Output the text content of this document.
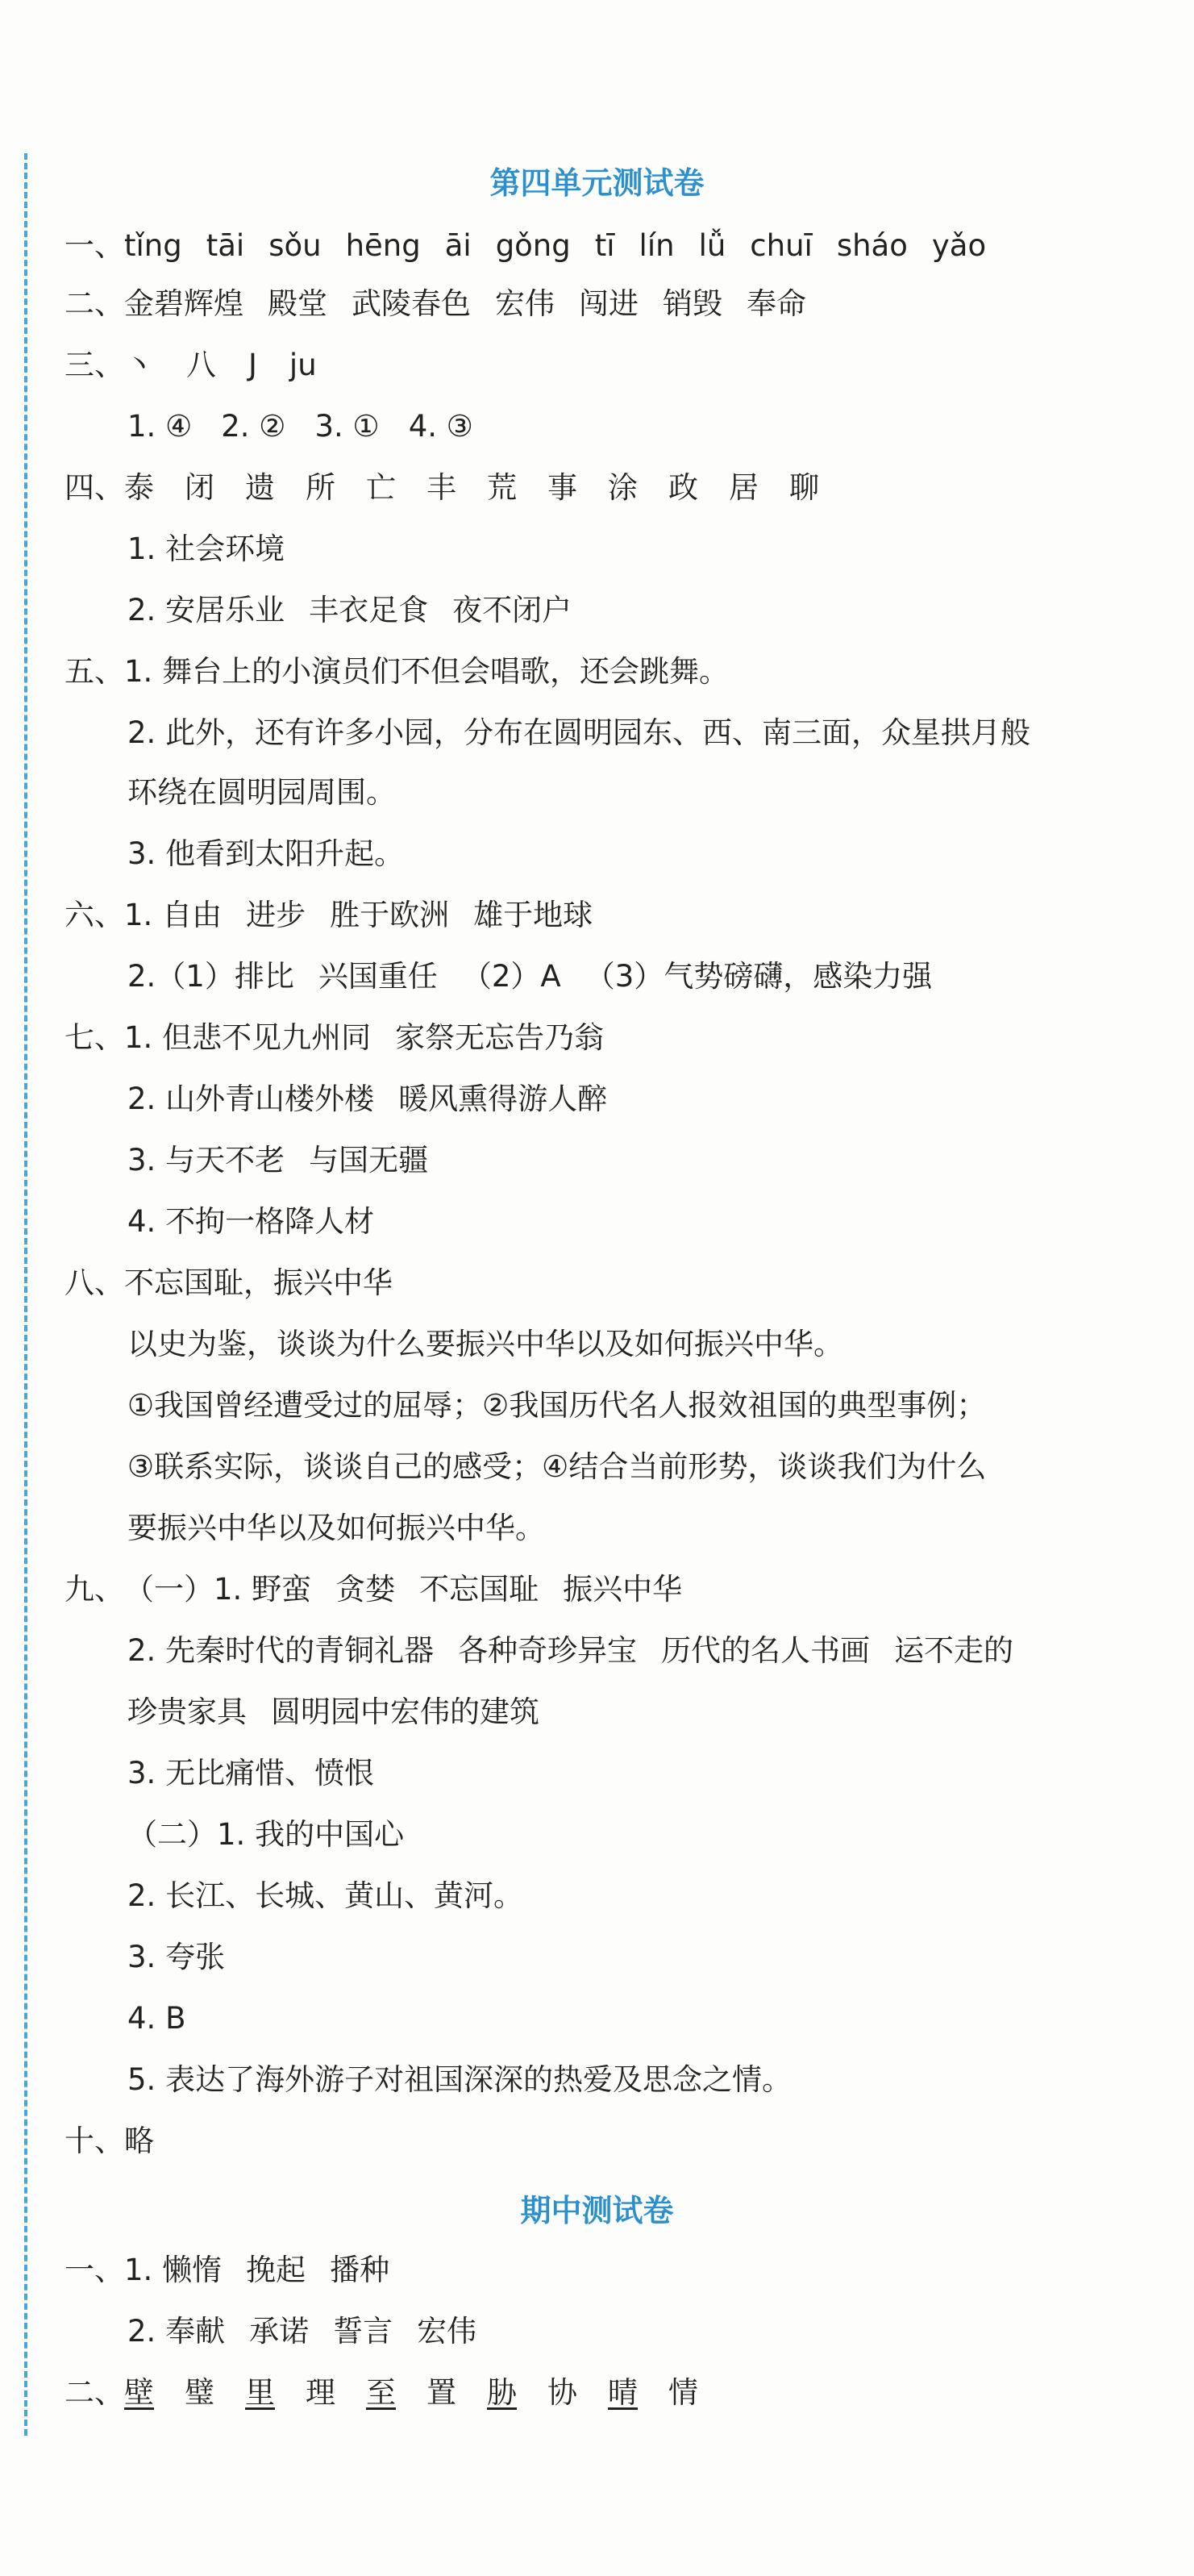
第四单元测试卷
一、tǐng tāi sǒu hēng āi gǒng tī lín lǚ chuī sháo yǎo
二、金碧辉煌 殿堂 武陵春色 宏伟 闯进 销毁 奉命
三、丶 八 J ju
1. ④ 2. ② 3. ① 4. ③
四、泰 闭 遗 所 亡 丰 荒 事 涂 政 居 聊
1. 社会环境
2. 安居乐业 丰衣足食 夜不闭户
五、1. 舞台上的小演员们不但会唱歌，还会跳舞。
2. 此外，还有许多小园，分布在圆明园东、西、南三面，众星拱月般
环绕在圆明园周围。
3. 他看到太阳升起。
六、1. 自由 进步 胜于欧洲 雄于地球
2.（1）排比 兴国重任 （2）A （3）气势磅礴，感染力强
七、1. 但悲不见九州同 家祭无忘告乃翁
2. 山外青山楼外楼 暖风熏得游人醉
3. 与天不老 与国无疆
4. 不拘一格降人材
八、不忘国耻，振兴中华
以史为鉴，谈谈为什么要振兴中华以及如何振兴中华。
①我国曾经遭受过的屈辱；②我国历代名人报效祖国的典型事例；
③联系实际，谈谈自己的感受；④结合当前形势，谈谈我们为什么
要振兴中华以及如何振兴中华。
九、（一）1. 野蛮 贪婪 不忘国耻 振兴中华
2. 先秦时代的青铜礼器 各种奇珍异宝 历代的名人书画 运不走的
珍贵家具 圆明园中宏伟的建筑
3. 无比痛惜、愤恨
（二）1. 我的中国心
2. 长江、长城、黄山、黄河。
3. 夸张
4. B
5. 表达了海外游子对祖国深深的热爱及思念之情。
十、略
期中测试卷
一、1. 懒惰 挽起 播种
2. 奉献 承诺 誓言 宏伟
二、壁 璧 里 理 至 置 胁 协 晴 情
